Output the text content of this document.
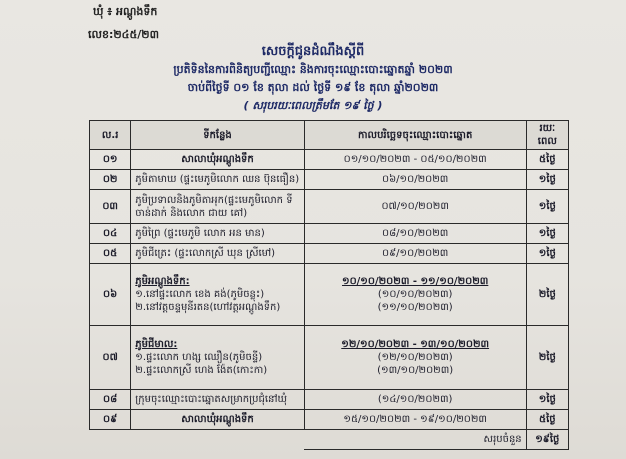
ឃុំ ៖ អណ្ដូងទឹក
លេខ:២៤៥/២៣
សេចក្ដីជូនដំណឹងស្ដីពី
ប្រតិទិននៃការពិនិត្យបញ្ជីឈ្មោះ និងការចុះឈ្មោះបោះឆ្នោតឆ្នាំ ២០២៣
ចាប់ពីថ្ងៃទី ០១ ខែ តុលា ដល់ ថ្ងៃទី ១៩ ខែ តុលា ឆ្នាំ២០២៣
( សរុបរយៈពេលត្រឹមតែ ១៩ ថ្ងៃ )
ល.រ	ទីកន្លែង	កាលបរិច្ឆេទចុះឈ្មោះបោះឆ្នោត	រយៈពេល
០១	សាលាឃុំអណ្ដូងទឹក	០១/១០/២០២៣ - ០៥/១០/២០២៣	៥ថ្ងៃ
០២	ភូមិតាមាឃ (ផ្ទះមេភូមិលោក ឈន ប៊ុនធឿន)	០៦/១០/២០២៣	១ថ្ងៃ
០៣	ភូមិប្រទាលនិងភូមិតាអុក(ផ្ទះមេភូមិលោក ទី
ចាន់ដាក់ និងលោក ជាយ គៅ)	០៧/១០/២០២៣	១ថ្ងៃ
០៤	ភូមិព្រៃ (ផ្ទះមេភូមិ លោក អន មាន)	០៨/១០/២០២៣	១ថ្ងៃ
០៥	ភូមិជីត្រេះ (ផ្ទះលោកស្រី ឃុន ស្រីមៅ)	០៩/១០/២០២៣	១ថ្ងៃ
០៦	ភូមិអណ្ដូងទឹក:
១.នៅផ្ទះលោក ខេង គង់(ភូមិចន្លុះ)
២.នៅវត្តចន្ទមុនីរតន(ហៅវត្តអណ្ដូងទឹក)	១០/១០/២០២៣ - ១១/១០/២០២៣
(១០/១០/២០២៣)
(១១/១០/២០២៣)	២ថ្ងៃ
០៧	ភូមិជីមាល:
១.ផ្ទះលោក ហង្ស ឈឿន(ភូមិចន្ទី)
២.ផ្ទះលោកស្រី ហេង ង៉ែត(កោះកា)	១២/១០/២០២៣ - ១៣/១០/២០២៣
(១២/១០/២០២៣)
(១៣/១០/២០២៣)	២ថ្ងៃ
០៨	ក្រុមចុះឈ្មោះបោះឆ្នោតសម្រាកប្រជុំនៅឃុំ	(១៤/១០/២០២៣)	១ថ្ងៃ
០៩	សាលាឃុំអណ្ដូងទឹក	១៥/១០/២០២៣ - ១៩/១០/២០២៣	៥ថ្ងៃ
		សរុបចំនួន	១៩ថ្ងៃ
